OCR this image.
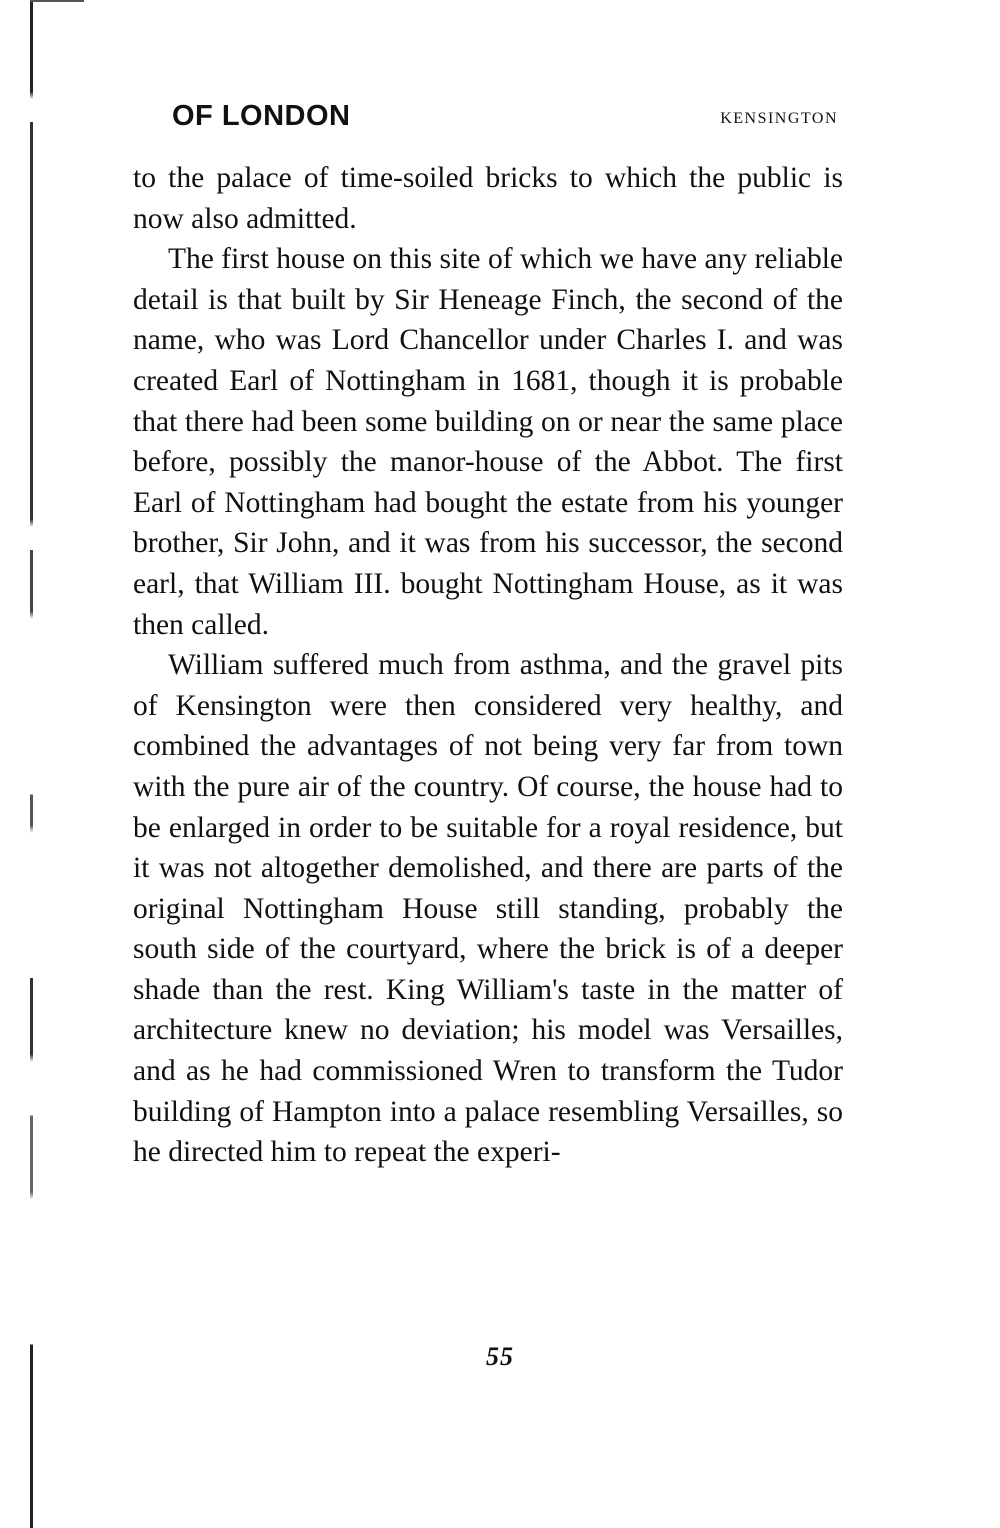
OF LONDON	KENSINGTON

to the palace of time-soiled bricks to which the public is now also admitted.

The first house on this site of which we have any reliable detail is that built by Sir Heneage Finch, the second of the name, who was Lord Chancellor under Charles I. and was created Earl of Nottingham in 1681, though it is probable that there had been some building on or near the same place before, possibly the manor-house of the Abbot. The first Earl of Nottingham had bought the estate from his younger brother, Sir John, and it was from his successor, the second earl, that William III. bought Nottingham House, as it was then called.

William suffered much from asthma, and the gravel pits of Kensington were then considered very healthy, and combined the advantages of not being very far from town with the pure air of the country. Of course, the house had to be enlarged in order to be suitable for a royal residence, but it was not altogether demolished, and there are parts of the original Nottingham House still standing, probably the south side of the courtyard, where the brick is of a deeper shade than the rest. King William's taste in the matter of architecture knew no deviation; his model was Versailles, and as he had commissioned Wren to transform the Tudor building of Hampton into a palace resembling Versailles, so he directed him to repeat the experi-

55
